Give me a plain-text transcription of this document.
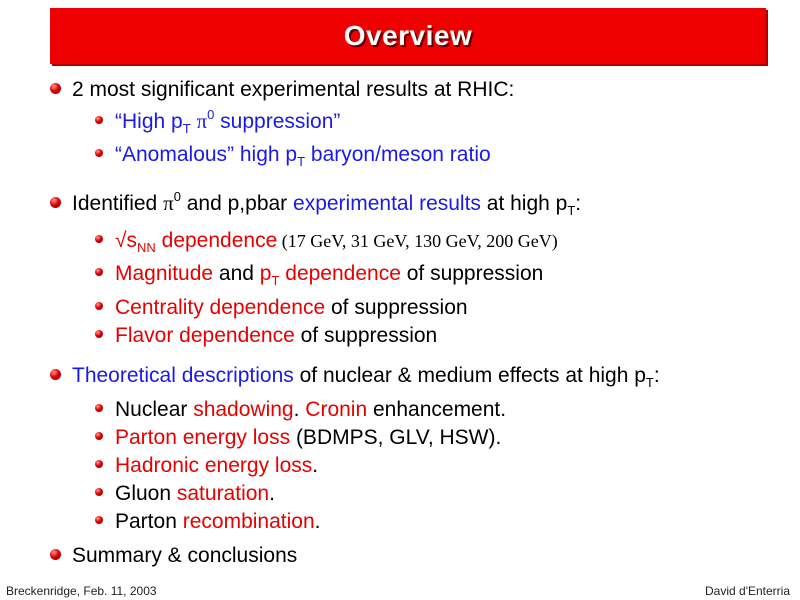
Overview
2 most significant experimental results at RHIC:
“High $p_T$ $\pi^0$ suppression”
“Anomalous” high $p_T$ baryon/meson ratio
Identified $\pi^0$ and p,pbar experimental results at high $p_T$:
$√s_{NN}$ dependence (17 GeV, 31 GeV, 130 GeV, 200 GeV)
Magnitude and $p_T$ dependence of suppression
Centrality dependence of suppression
Flavor dependence of suppression
Theoretical descriptions of nuclear & medium effects at high $p_T$:
Nuclear shadowing. Cronin enhancement.
Parton energy loss (BDMPS, GLV, HSW).
Hadronic energy loss.
Gluon saturation.
Parton recombination.
Summary & conclusions
Breckenridge, Feb. 11, 2003	David d'Enterria
